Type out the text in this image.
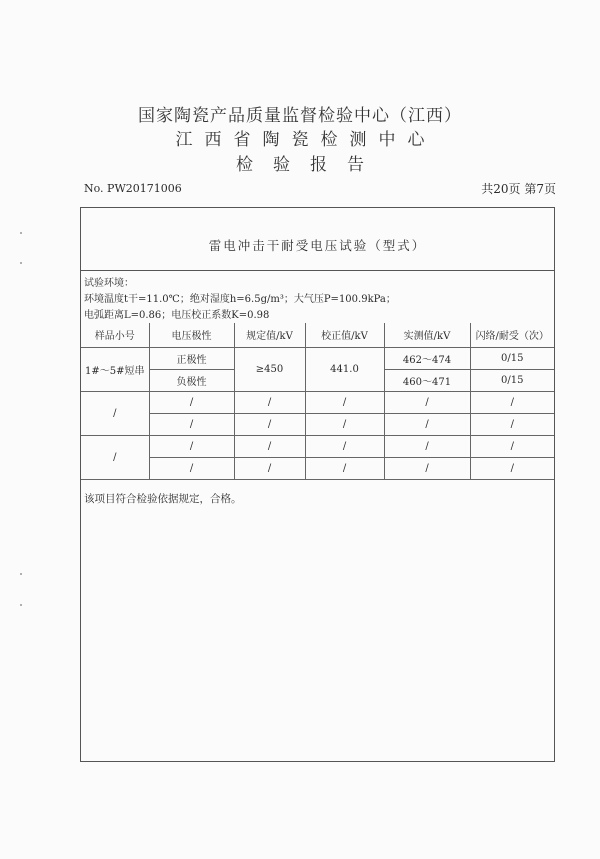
国家陶瓷产品质量监督检验中心（江西）
江西省陶瓷检测中心
检验报告
No. PW20171006	共20页 第7页
雷电冲击干耐受电压试验（型式）
试验环境：
环境温度t干=11.0℃；绝对湿度h=6.5g/m³；大气压P=100.9kPa；
电弧距离L=0.86；电压校正系数K=0.98
样品小号	电压极性	规定值/kV	校正值/kV	实测值/kV	闪络/耐受（次）
1#～5#短串	正极性	≥450	441.0	462～474	0/15
	负极性			460～471	0/15
/	/	/	/	/	/
	/	/	/	/	/
/	/	/	/	/	/
	/	/	/	/	/
该项目符合检验依据规定，合格。
